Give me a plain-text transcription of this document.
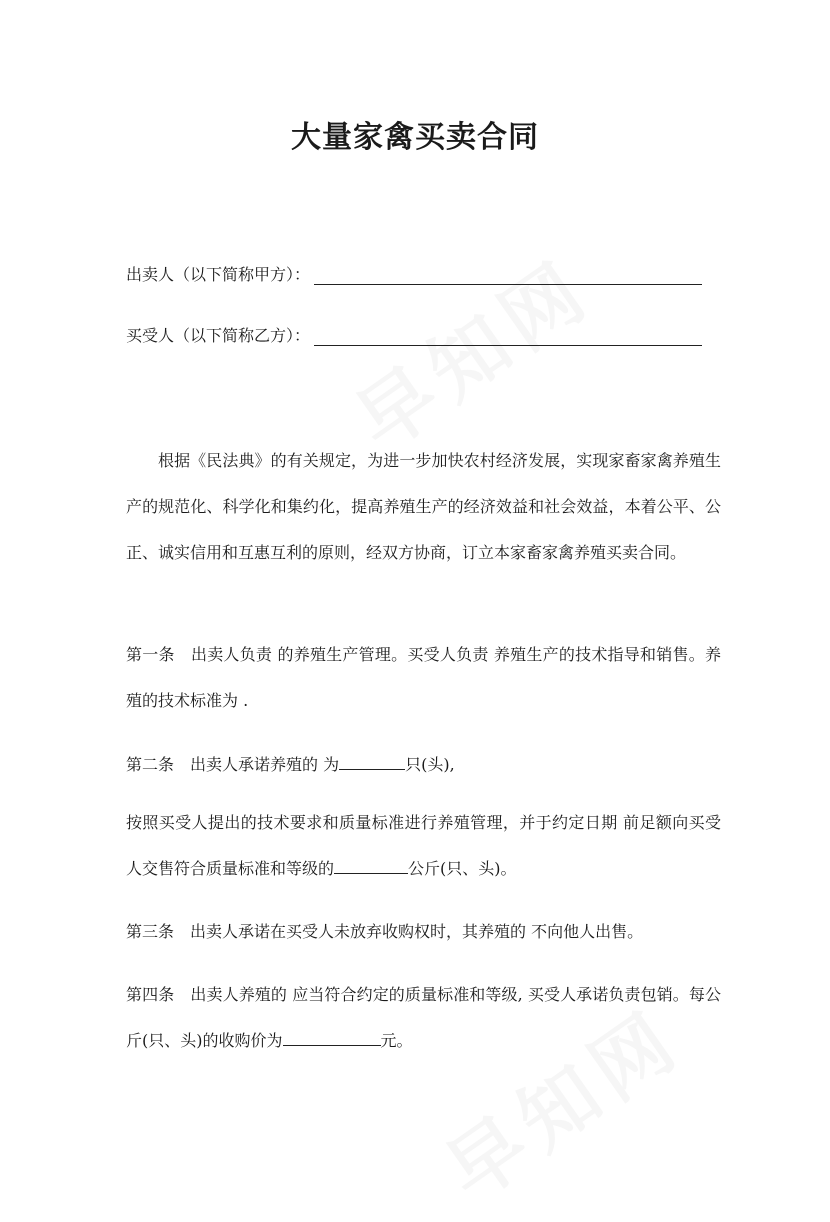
大量家禽买卖合同
出卖人（以下简称甲方）：
买受人（以下简称乙方）：

根据《民法典》的有关规定，为进一步加快农村经济发展，实现家畜家禽养殖生产的规范化、科学化和集约化，提高养殖生产的经济效益和社会效益，本着公平、公正、诚实信用和互惠互利的原则，经双方协商，订立本家畜家禽养殖买卖合同。

第一条　出卖人负责 的养殖生产管理。买受人负责 养殖生产的技术指导和销售。养殖的技术标准为 .

第二条　出卖人承诺养殖的 为	只(头),

按照买受人提出的技术要求和质量标准进行养殖管理，并于约定日期 前足额向买受人交售符合质量标准和等级的	公斤(只、头)。

第三条　出卖人承诺在买受人未放弃收购权时，其养殖的 不向他人出售。

第四条　出卖人养殖的 应当符合约定的质量标准和等级, 买受人承诺负责包销。每公斤(只、头)的收购价为	元。
